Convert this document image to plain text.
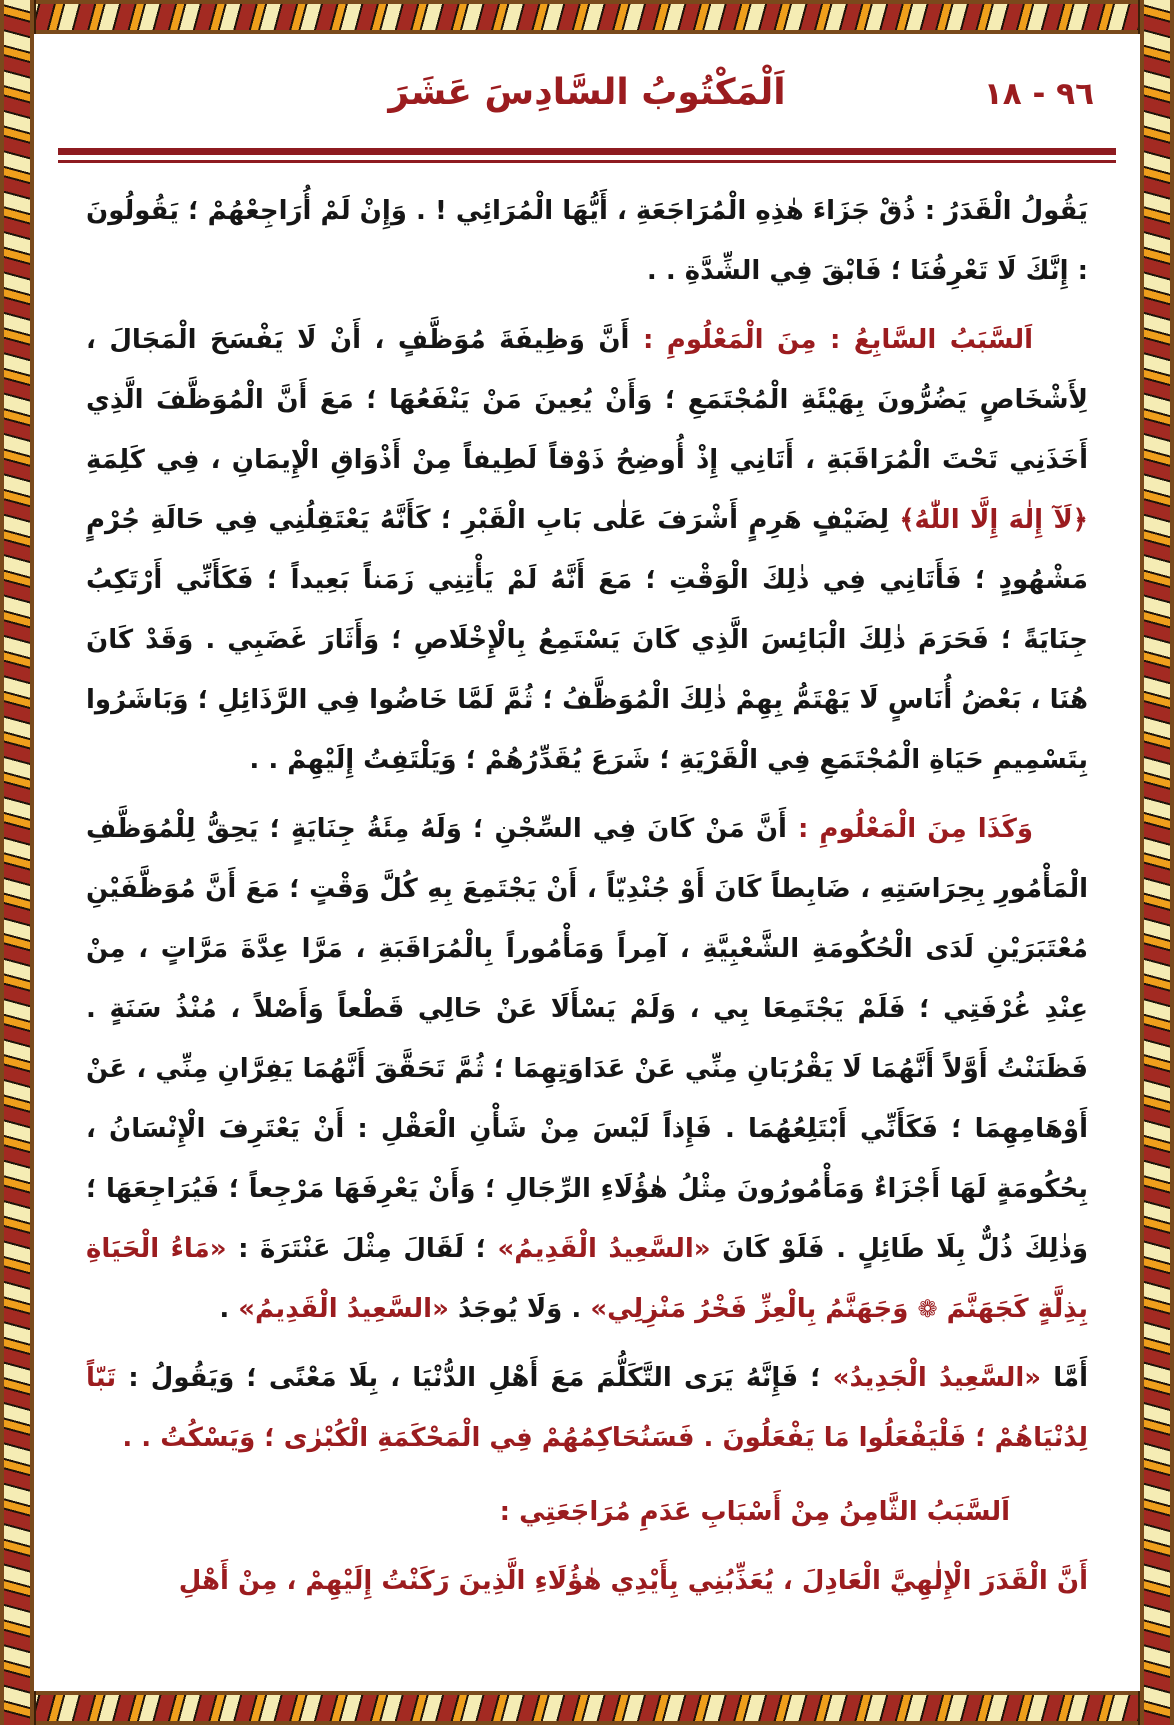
٩٦ - ١٨
اَلْمَكْتُوبُ السَّادِسَ عَشَرَ

يَقُولُ الْقَدَرُ : ذُقْ جَزَاءَ هٰذِهِ الْمُرَاجَعَةِ ، أَيُّهَا الْمُرَائِي ! . وَإِنْ لَمْ أُرَاجِعْهُمْ ؛ يَقُولُونَ : إِنَّكَ لَا تَعْرِفُنَا ؛ فَابْقَ فِي الشِّدَّةِ . .

اَلسَّبَبُ السَّابِعُ : مِنَ الْمَعْلُومِ : أَنَّ وَظِيفَةَ مُوَظَّفٍ ، أَنْ لَا يَفْسَحَ الْمَجَالَ ، لِأَشْخَاصٍ يَضُرُّونَ بِهَيْئَةِ الْمُجْتَمَعِ ؛ وَأَنْ يُعِينَ مَنْ يَنْفَعُهَا ؛ مَعَ أَنَّ الْمُوَظَّفَ الَّذِي أَخَذَنِي تَحْتَ الْمُرَاقَبَةِ ، أَتَانِي إِذْ أُوضِحُ ذَوْقاً لَطِيفاً مِنْ أَذْوَاقِ الْإِيمَانِ ، فِي كَلِمَةِ ﴿لَآ إِلٰهَ إِلَّا اللّٰهُ﴾ لِضَيْفٍ هَرِمٍ أَشْرَفَ عَلٰى بَابِ الْقَبْرِ ؛ كَأَنَّهُ يَعْتَقِلُنِي فِي حَالَةِ جُرْمٍ مَشْهُودٍ ؛ فَأَتَانِي فِي ذٰلِكَ الْوَقْتِ ؛ مَعَ أَنَّهُ لَمْ يَأْتِنِي زَمَناً بَعِيداً ؛ فَكَأَنِّي أَرْتَكِبُ جِنَايَةً ؛ فَحَرَمَ ذٰلِكَ الْبَائِسَ الَّذِي كَانَ يَسْتَمِعُ بِالْإِخْلَاصِ ؛ وَأَثَارَ غَضَبِي . وَقَدْ كَانَ هُنَا ، بَعْضُ أُنَاسٍ لَا يَهْتَمُّ بِهِمْ ذٰلِكَ الْمُوَظَّفُ ؛ ثُمَّ لَمَّا خَاضُوا فِي الرَّذَائِلِ ؛ وَبَاشَرُوا بِتَسْمِيمِ حَيَاةِ الْمُجْتَمَعِ فِي الْقَرْيَةِ ؛ شَرَعَ يُقَدِّرُهُمْ ؛ وَيَلْتَفِتُ إِلَيْهِمْ . .

وَكَذَا مِنَ الْمَعْلُومِ : أَنَّ مَنْ كَانَ فِي السِّجْنِ ؛ وَلَهُ مِئَةُ جِنَايَةٍ ؛ يَحِقُّ لِلْمُوَظَّفِ الْمَأْمُورِ بِحِرَاسَتِهِ ، ضَابِطاً كَانَ أَوْ جُنْدِيّاً ، أَنْ يَجْتَمِعَ بِهِ كُلَّ وَقْتٍ ؛ مَعَ أَنَّ مُوَظَّفَيْنِ مُعْتَبَرَيْنِ لَدَى الْحُكُومَةِ الشَّعْبِيَّةِ ، آمِراً وَمَأْمُوراً بِالْمُرَاقَبَةِ ، مَرَّا عِدَّةَ مَرَّاتٍ ، مِنْ عِنْدِ غُرْفَتِي ؛ فَلَمْ يَجْتَمِعَا بِي ، وَلَمْ يَسْأَلَا عَنْ حَالِي قَطْعاً وَأَصْلاً ، مُنْذُ سَنَةٍ . فَظَنَنْتُ أَوَّلاً أَنَّهُمَا لَا يَقْرُبَانِ مِنِّي عَنْ عَدَاوَتِهِمَا ؛ ثُمَّ تَحَقَّقَ أَنَّهُمَا يَفِرَّانِ مِنِّي ، عَنْ أَوْهَامِهِمَا ؛ فَكَأَنِّي أَبْتَلِعُهُمَا . فَإِذاً لَيْسَ مِنْ شَأْنِ الْعَقْلِ : أَنْ يَعْتَرِفَ الْإِنْسَانُ ، بِحُكُومَةٍ لَهَا أَجْزَاءٌ وَمَأْمُورُونَ مِثْلُ هٰؤُلَاءِ الرِّجَالِ ؛ وَأَنْ يَعْرِفَهَا مَرْجِعاً ؛ فَيُرَاجِعَهَا ؛ وَذٰلِكَ ذُلٌّ بِلَا طَائِلٍ . فَلَوْ كَانَ «السَّعِيدُ الْقَدِيمُ» ؛ لَقَالَ مِثْلَ عَنْتَرَةَ : «مَاءُ الْحَيَاةِ بِذِلَّةٍ كَجَهَنَّمَ ❁ وَجَهَنَّمُ بِالْعِزِّ فَخْرُ مَنْزِلِي» . وَلَا يُوجَدُ «السَّعِيدُ الْقَدِيمُ» .

أَمَّا «السَّعِيدُ الْجَدِيدُ» ؛ فَإِنَّهُ يَرَى التَّكَلُّمَ مَعَ أَهْلِ الدُّنْيَا ، بِلَا مَعْنًى ؛ وَيَقُولُ : تَبّاً لِدُنْيَاهُمْ ؛ فَلْيَفْعَلُوا مَا يَفْعَلُونَ . فَسَنُحَاكِمُهُمْ فِي الْمَحْكَمَةِ الْكُبْرٰى ؛ وَيَسْكُتُ . .

اَلسَّبَبُ الثَّامِنُ مِنْ أَسْبَابِ عَدَمِ مُرَاجَعَتِي :

أَنَّ الْقَدَرَ الْإِلٰهِيَّ الْعَادِلَ ، يُعَذِّبُنِي بِأَيْدِي هٰؤُلَاءِ الَّذِينَ رَكَنْتُ إِلَيْهِمْ ، مِنْ أَهْلِ
